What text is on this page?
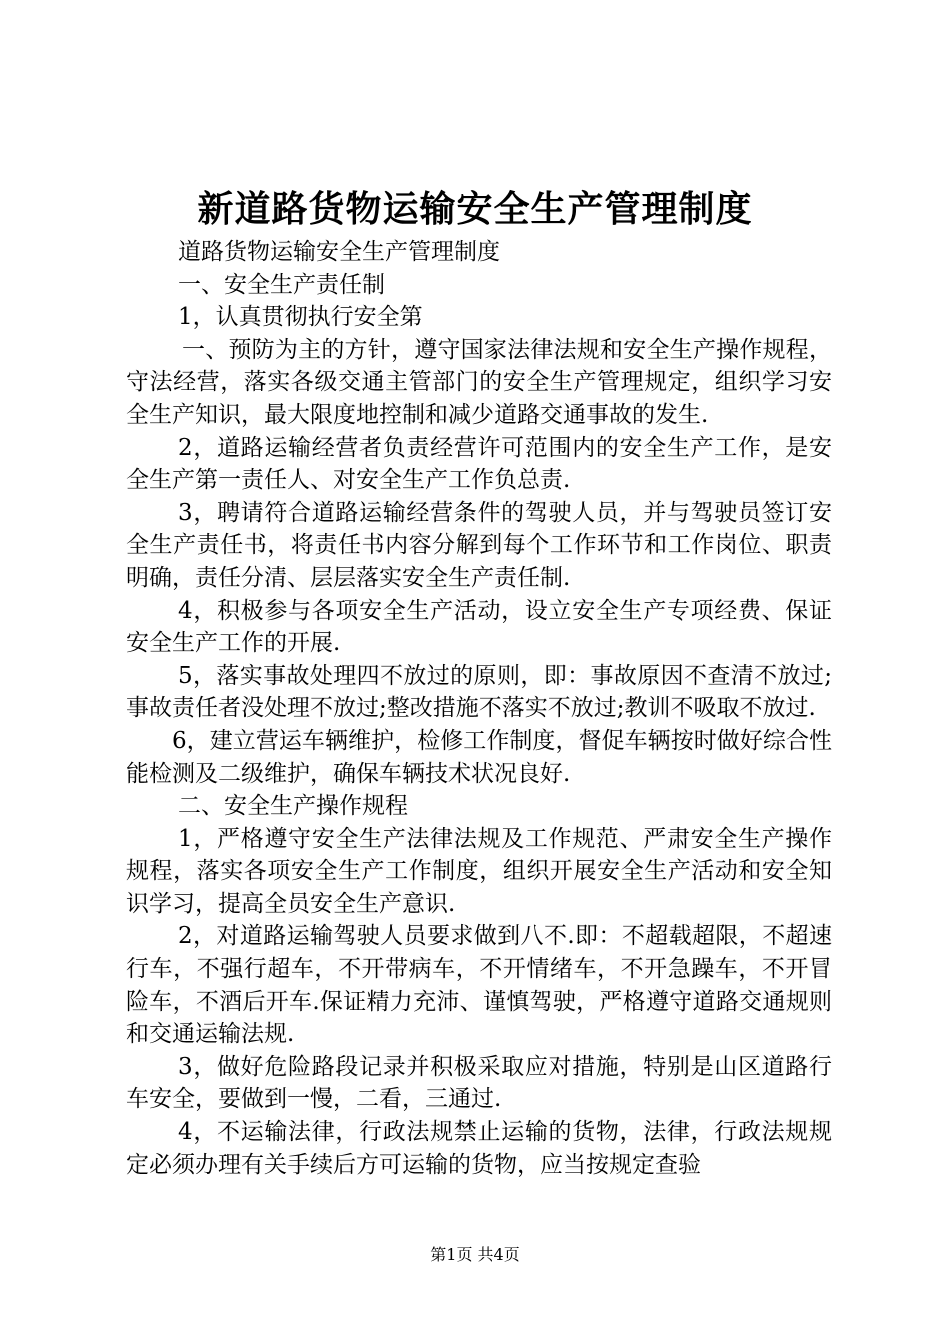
新道路货物运输安全生产管理制度

道路货物运输安全生产管理制度

一、安全生产责任制

1，认真贯彻执行安全第

一、预防为主的方针，遵守国家法律法规和安全生产操作规程，守法经营，落实各级交通主管部门的安全生产管理规定，组织学习安全生产知识，最大限度地控制和减少道路交通事故的发生.

2，道路运输经营者负责经营许可范围内的安全生产工作，是安全生产第一责任人、对安全生产工作负总责.

3，聘请符合道路运输经营条件的驾驶人员，并与驾驶员签订安全生产责任书，将责任书内容分解到每个工作环节和工作岗位、职责明确，责任分清、层层落实安全生产责任制.

4，积极参与各项安全生产活动，设立安全生产专项经费、保证安全生产工作的开展.

5，落实事故处理四不放过的原则，即：事故原因不查清不放过;事故责任者没处理不放过;整改措施不落实不放过;教训不吸取不放过.

6，建立营运车辆维护，检修工作制度，督促车辆按时做好综合性能检测及二级维护，确保车辆技术状况良好.

二、安全生产操作规程

1，严格遵守安全生产法律法规及工作规范、严肃安全生产操作规程，落实各项安全生产工作制度，组织开展安全生产活动和安全知识学习，提高全员安全生产意识.

2，对道路运输驾驶人员要求做到八不.即：不超载超限，不超速行车，不强行超车，不开带病车，不开情绪车，不开急躁车，不开冒险车，不酒后开车.保证精力充沛、谨慎驾驶，严格遵守道路交通规则和交通运输法规.

3，做好危险路段记录并积极采取应对措施，特别是山区道路行车安全，要做到一慢，二看，三通过.

4，不运输法律，行政法规禁止运输的货物，法律，行政法规规定必须办理有关手续后方可运输的货物，应当按规定查验

第1页 共4页
